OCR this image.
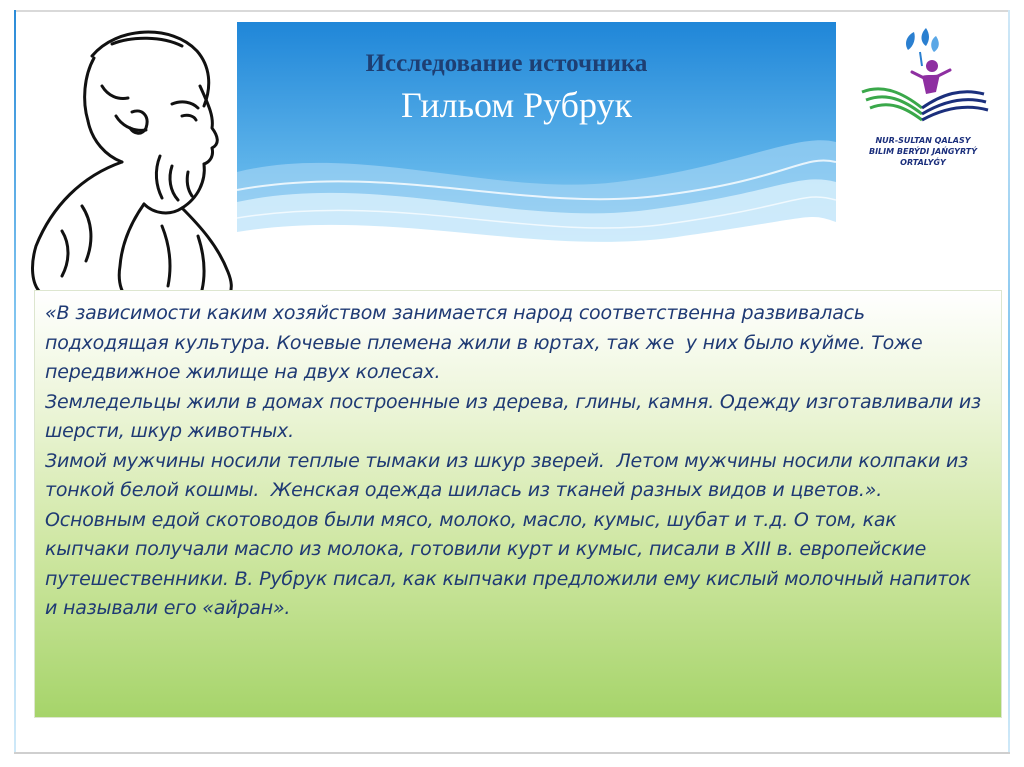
Исследование источника
Гильом Рубрук
NUR-SULTAN QALASY
BILIM BERÝDI JAŃGYRTÝ ORTALYǴY

«В зависимости каким хозяйством занимается народ соответственна развивалась подходящая культура. Кочевые племена жили в юртах, так же  у них было куйме. Тоже передвижное жилище на двух колесах.

Земледельцы жили в домах построенные из дерева, глины, камня. Одежду изготавливали из шерсти, шкур животных.

Зимой мужчины носили теплые тымаки из шкур зверей.  Летом мужчины носили колпаки из тонкой белой кошмы.  Женская одежда шилась из тканей разных видов и цветов.».

Основным едой скотоводов были мясо, молоко, масло, кумыс, шубат и т.д. О том, как кыпчаки получали масло из молока, готовили курт и кумыс, писали в XIII в. европейские путешественники. В. Рубрук писал, как кыпчаки предложили ему кислый молочный напиток и называли его «айран».
